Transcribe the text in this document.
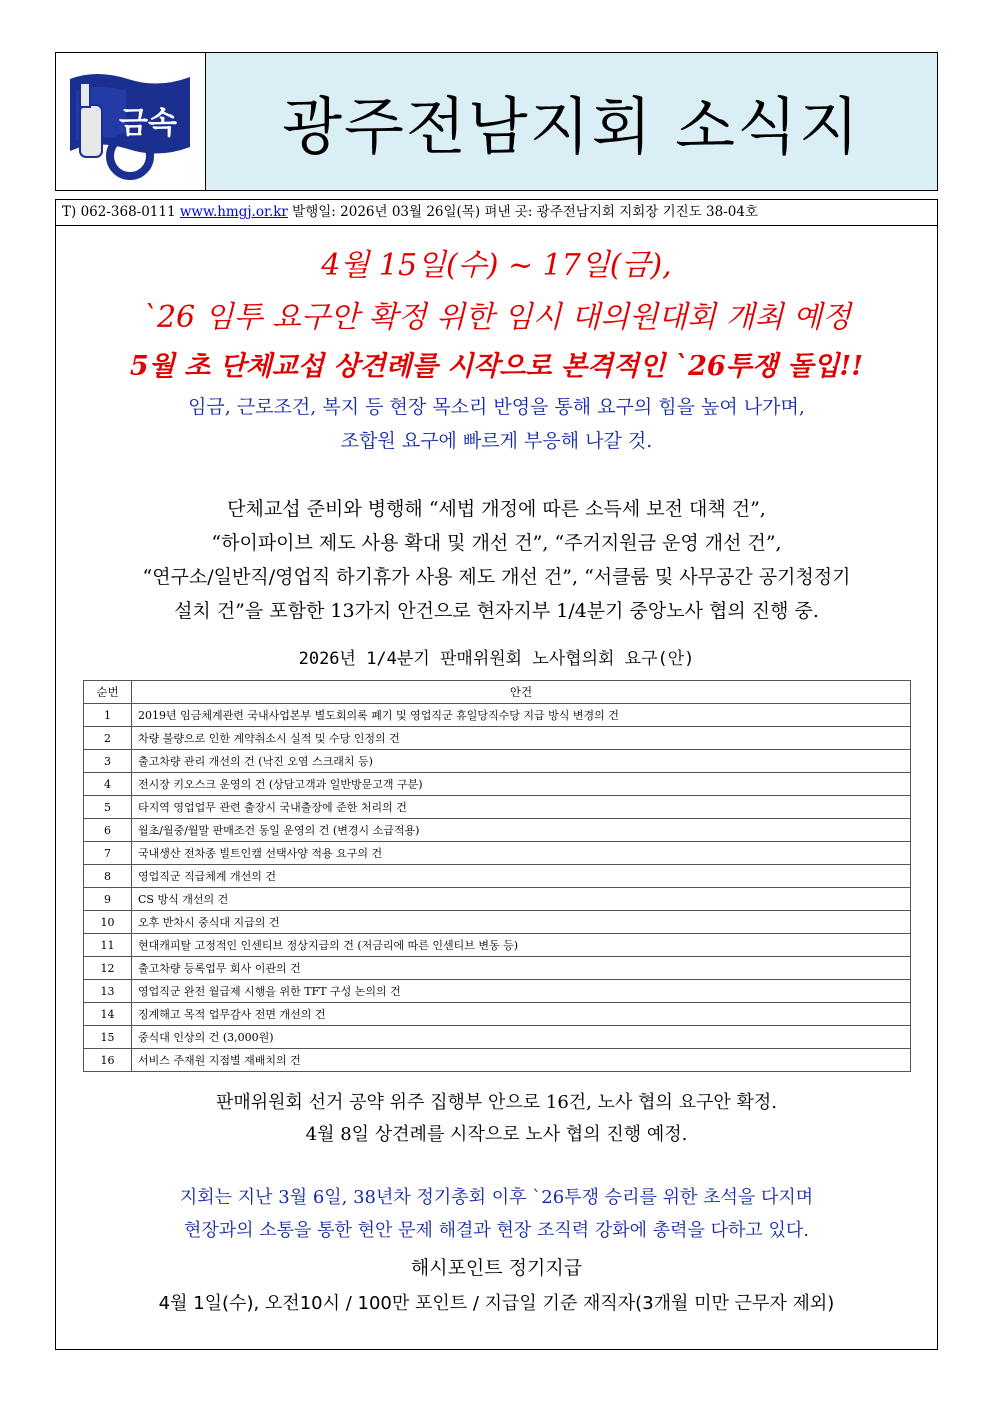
금속 광주전남지회 소식지
T) 062-368-0111 www.hmgj.or.kr 발행일: 2026년 03월 26일(목) 펴낸 곳: 광주전남지회 지회장 기진도 38-04호
4월 15일(수) ~ 17일(금),
`26 임투 요구안 확정 위한 임시 대의원대회 개최 예정
5월 초 단체교섭 상견례를 시작으로 본격적인 `26투쟁 돌입!!
임금, 근로조건, 복지 등 현장 목소리 반영을 통해 요구의 힘을 높여 나가며,
조합원 요구에 빠르게 부응해 나갈 것.
단체교섭 준비와 병행해 “세법 개정에 따른 소득세 보전 대책 건”,
“하이파이브 제도 사용 확대 및 개선 건”, “주거지원금 운영 개선 건”,
“연구소/일반직/영업직 하기휴가 사용 제도 개선 건”, “서클룸 및 사무공간 공기청정기
설치 건”을 포함한 13가지 안건으로 현자지부 1/4분기 중앙노사 협의 진행 중.
2026년 1/4분기 판매위원회 노사협의회 요구(안)
순번	안건
1	2019년 임금체계관련 국내사업본부 별도회의록 폐기 및 영업직군 휴일당직수당 지급 방식 변경의 건
2	차량 불량으로 인한 계약취소시 실적 및 수당 인정의 건
3	출고차량 관리 개선의 건 (낙진 오염 스크래치 등)
4	전시장 키오스크 운영의 건 (상담고객과 일반방문고객 구분)
5	타지역 영업업무 관련 출장시 국내출장에 준한 처리의 건
6	월초/월중/월말 판매조건 동일 운영의 건 (변경시 소급적용)
7	국내생산 전차종 빌트인캠 선택사양 적용 요구의 건
8	영업직군 직급체계 개선의 건
9	CS 방식 개선의 건
10	오후 반차시 중식대 지급의 건
11	현대캐피탈 고정적인 인센티브 정상지급의 건 (저금리에 따른 인센티브 변동 등)
12	출고차량 등록업무 회사 이관의 건
13	영업직군 완전 월급제 시행을 위한 TFT 구성 논의의 건
14	징계해고 목적 업무감사 전면 개선의 건
15	중식대 인상의 건 (3,000원)
16	서비스 주재원 지점별 재배치의 건
판매위원회 선거 공약 위주 집행부 안으로 16건, 노사 협의 요구안 확정.
4월 8일 상견례를 시작으로 노사 협의 진행 예정.
지회는 지난 3월 6일, 38년차 정기총회 이후 `26투쟁 승리를 위한 초석을 다지며
현장과의 소통을 통한 현안 문제 해결과 현장 조직력 강화에 총력을 다하고 있다.
해시포인트 정기지급
4월 1일(수), 오전10시 / 100만 포인트 / 지급일 기준 재직자(3개월 미만 근무자 제외)
